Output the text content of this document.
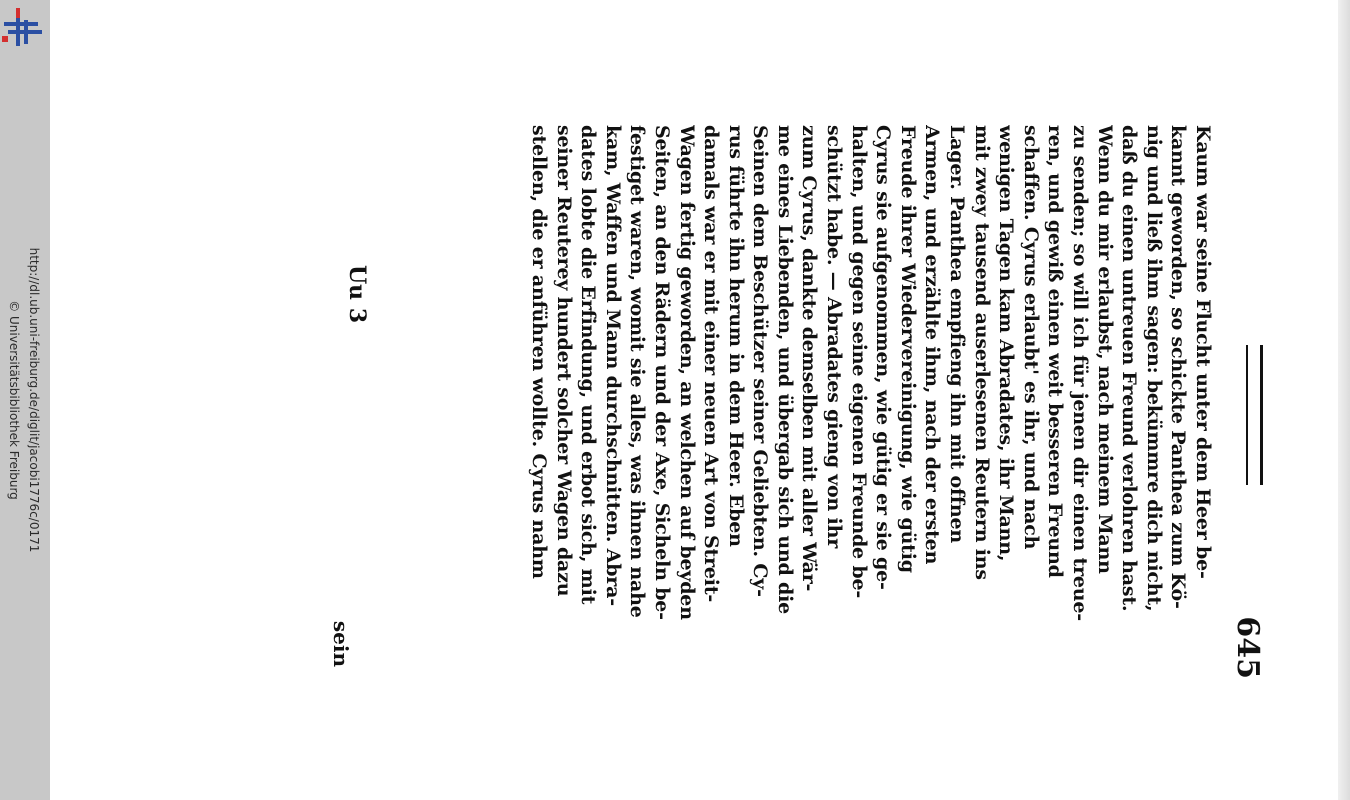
http://dl.ub.uni-freiburg.de/diglit/jacobi1776c/0171
© Universitätsbibliothek Freiburg
645
Kaum war seine Flucht unter dem Heer be-
kannt geworden, so schickte Panthea zum Kö-
nig und ließ ihm sagen: bekümmre dich nicht,
daß du einen untreuen Freund verlohren hast.
Wenn du mir erlaubst, nach meinem Mann
zu senden; so will ich für jenen dir einen treue-
ren, und gewiß einen weit besseren Freund
schaffen. Cyrus erlaubt' es ihr, und nach
wenigen Tagen kam Abradates, ihr Mann,
mit zwey tausend auserlesenen Reutern ins
Lager. Panthea empfieng ihn mit offnen
Armen, und erzählte ihm, nach der ersten
Freude ihrer Wiedervereinigung, wie gütig
Cyrus sie aufgenommen, wie gütig er sie ge-
halten, und gegen seine eigenen Freunde be-
schützt habe. — Abradates gieng von ihr
zum Cyrus, dankte demselben mit aller Wär-
me eines Liebenden, und übergab sich und die
Seinen dem Beschützer seiner Geliebten. Cy-
rus führte ihn herum in dem Heer. Eben
damals war er mit einer neuen Art von Streit-
Wagen fertig geworden, an welchen auf beyden
Seiten, an den Rädern und der Axe, Sicheln be-
festiget waren, womit sie alles, was ihnen nahe
kam, Waffen und Mann durchschnitten. Abra-
dates lobte die Erfindung, und erbot sich, mit
seiner Reuterey hundert solcher Wagen dazu
stellen, die er anführen wollte. Cyrus nahm
Uu 3
sein
